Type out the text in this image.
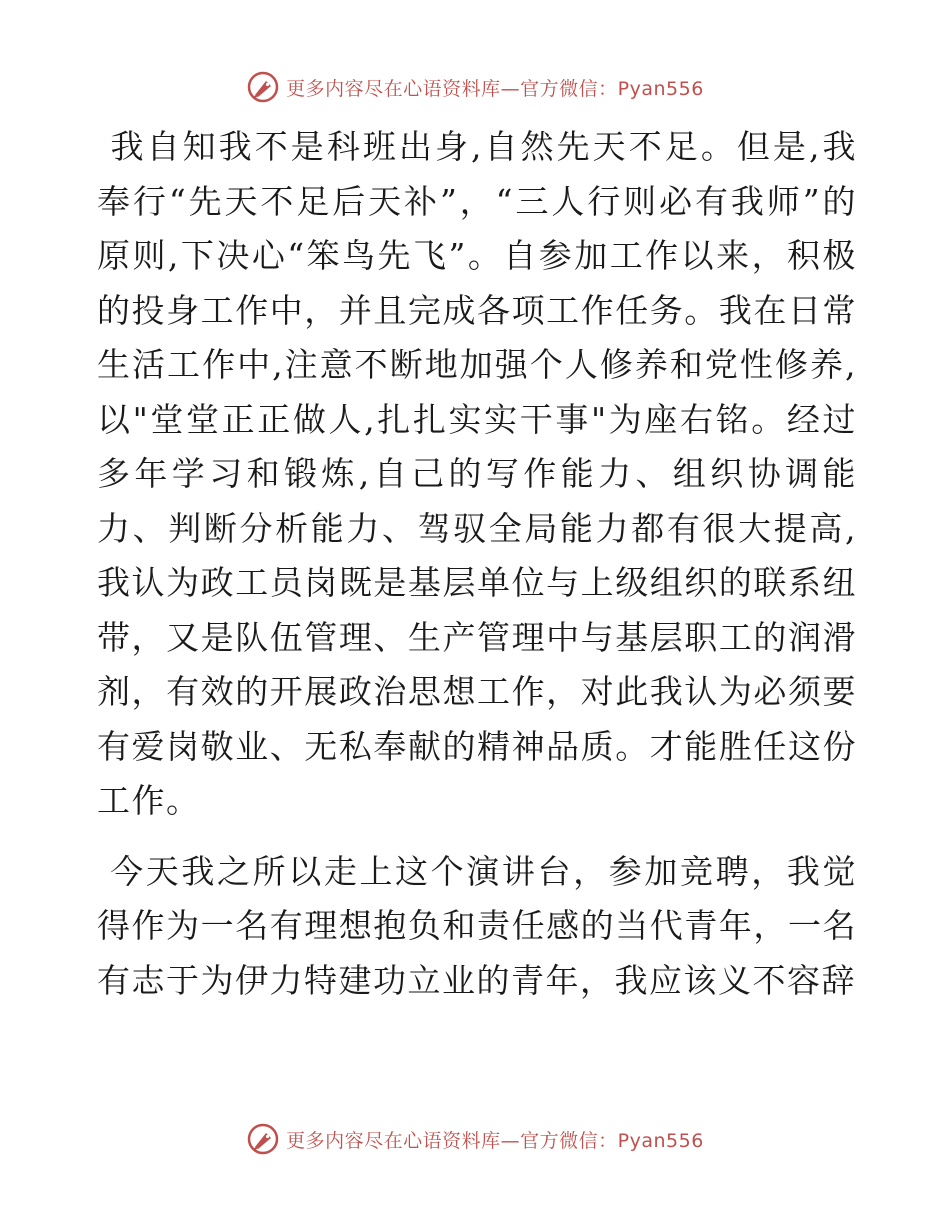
更多内容尽在心语资料库—官方微信：Pyan556

我自知我不是科班出身,自然先天不足。但是,我奉行“先天不足后天补”，“三人行则必有我师”的原则,下决心“笨鸟先飞”。自参加工作以来，积极的投身工作中，并且完成各项工作任务。我在日常生活工作中,注意不断地加强个人修养和党性修养,以"堂堂正正做人,扎扎实实干事"为座右铭。经过多年学习和锻炼,自己的写作能力、组织协调能力、判断分析能力、驾驭全局能力都有很大提高,我认为政工员岗既是基层单位与上级组织的联系纽带，又是队伍管理、生产管理中与基层职工的润滑剂，有效的开展政治思想工作，对此我认为必须要有爱岗敬业、无私奉献的精神品质。才能胜任这份工作。

今天我之所以走上这个演讲台，参加竞聘，我觉得作为一名有理想抱负和责任感的当代青年，一名有志于为伊力特建功立业的青年，我应该义不容辞

更多内容尽在心语资料库—官方微信：Pyan556
